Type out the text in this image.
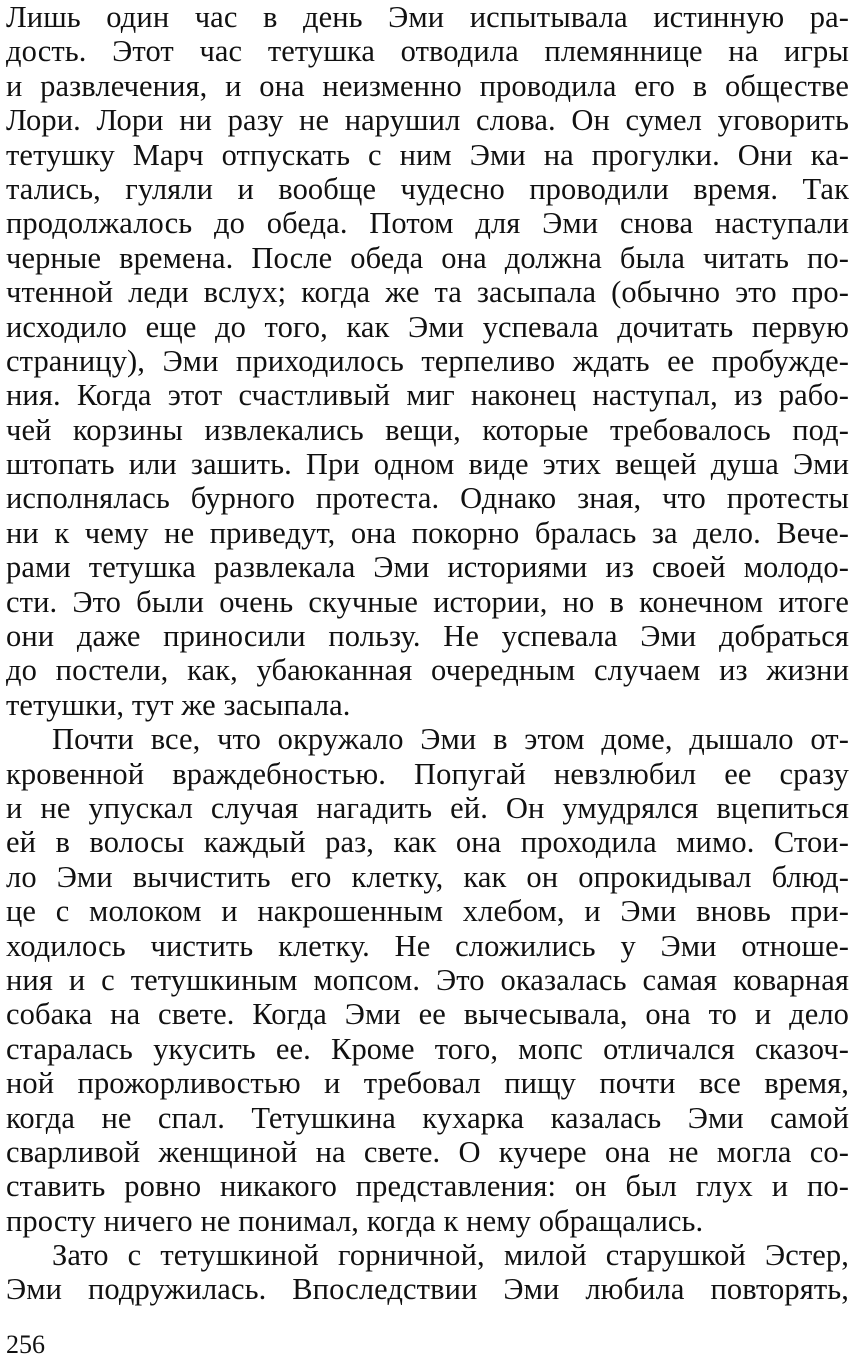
Лишь один час в день Эми испытывала истинную ра-
дость. Этот час тетушка отводила племяннице на игры
и развлечения, и она неизменно проводила его в обществе
Лори. Лори ни разу не нарушил слова. Он сумел уговорить
тетушку Марч отпускать с ним Эми на прогулки. Они ка-
тались, гуляли и вообще чудесно проводили время. Так
продолжалось до обеда. Потом для Эми снова наступали
черные времена. После обеда она должна была читать по-
чтенной леди вслух; когда же та засыпала (обычно это про-
исходило еще до того, как Эми успевала дочитать первую
страницу), Эми приходилось терпеливо ждать ее пробужде-
ния. Когда этот счастливый миг наконец наступал, из рабо-
чей корзины извлекались вещи, которые требовалось под-
штопать или зашить. При одном виде этих вещей душа Эми
исполнялась бурного протеста. Однако зная, что протесты
ни к чему не приведут, она покорно бралась за дело. Вече-
рами тетушка развлекала Эми историями из своей молодо-
сти. Это были очень скучные истории, но в конечном итоге
они даже приносили пользу. Не успевала Эми добраться
до постели, как, убаюканная очередным случаем из жизни
тетушки, тут же засыпала.
Почти все, что окружало Эми в этом доме, дышало от-
кровенной враждебностью. Попугай невзлюбил ее сразу
и не упускал случая нагадить ей. Он умудрялся вцепиться
ей в волосы каждый раз, как она проходила мимо. Стои-
ло Эми вычистить его клетку, как он опрокидывал блюд-
це с молоком и накрошенным хлебом, и Эми вновь при-
ходилось чистить клетку. Не сложились у Эми отноше-
ния и с тетушкиным мопсом. Это оказалась самая коварная
собака на свете. Когда Эми ее вычесывала, она то и дело
старалась укусить ее. Кроме того, мопс отличался сказоч-
ной прожорливостью и требовал пищу почти все время,
когда не спал. Тетушкина кухарка казалась Эми самой
сварливой женщиной на свете. О кучере она не могла со-
ставить ровно никакого представления: он был глух и по-
просту ничего не понимал, когда к нему обращались.
Зато с тетушкиной горничной, милой старушкой Эстер,
Эми подружилась. Впоследствии Эми любила повторять,
256
